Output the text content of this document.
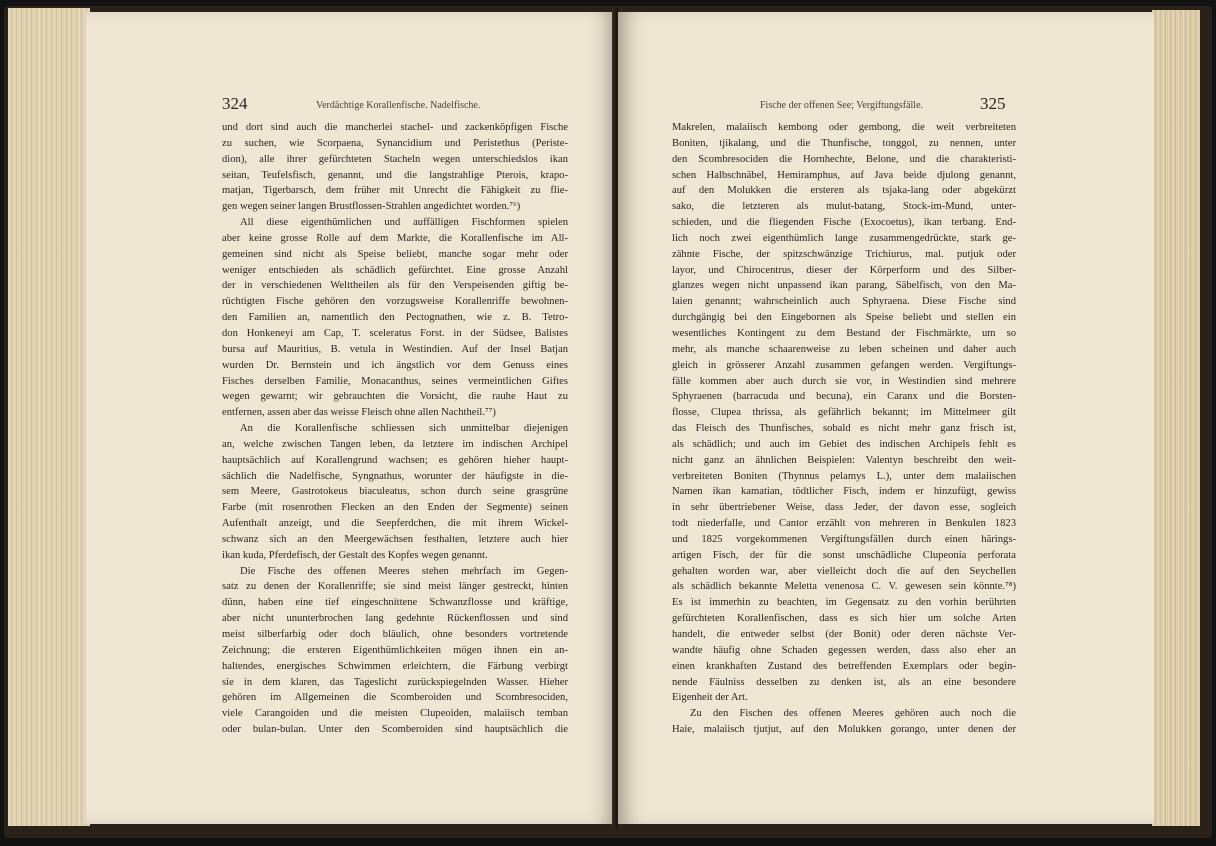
324	Verdächtige Korallenfische. Nadelfische.
und dort sind auch die mancherlei stachel- und zackenköpfigen Fische
zu suchen, wie Scorpaena, Synancidium und Peristethus (Periste-
dion), alle ihrer gefürchteten Stacheln wegen unterschiedslos ikan
seitan, Teufelsfisch, genannt, und die langstrahlige Pterois, krapo-
matjan, Tigerbarsch, dem früher mit Unrecht die Fähigkeit zu flie-
gen wegen seiner langen Brustflossen-Strahlen angedichtet worden.⁷⁶)
All diese eigenthümlichen und auffälligen Fischformen spielen
aber keine grosse Rolle auf dem Markte, die Korallenfische im All-
gemeinen sind nicht als Speise beliebt, manche sogar mehr oder
weniger entschieden als schädlich gefürchtet. Eine grosse Anzahl
der in verschiedenen Welttheilen als für den Verspeisenden giftig be-
rüchtigten Fische gehören den vorzugsweise Korallenriffe bewohnen-
den Familien an, namentlich den Pectognathen, wie z. B. Tetro-
don Honkeneyi am Cap, T. sceleratus Forst. in der Südsee, Balistes
bursa auf Mauritius, B. vetula in Westindien. Auf der Insel Batjan
wurden Dr. Bernstein und ich ängstlich vor dem Genuss eines
Fisches derselben Familie, Monacanthus, seines vermeintlichen Giftes
wegen gewarnt; wir gebrauchten die Vorsicht, die rauhe Haut zu
entfernen, assen aber das weisse Fleisch ohne allen Nachtheil.⁷⁷)
An die Korallenfische schliessen sich unmittelbar diejenigen
an, welche zwischen Tangen leben, da letztere im indischen Archipel
hauptsächlich auf Korallengrund wachsen; es gehören hieher haupt-
sächlich die Nadelfische, Syngnathus, worunter der häufigste in die-
sem Meere, Gastrotokeus biaculeatus, schon durch seine grasgrüne
Farbe (mit rosenrothen Flecken an den Enden der Segmente) seinen
Aufenthalt anzeigt, und die Seepferdchen, die mit ihrem Wickel-
schwanz sich an den Meergewächsen festhalten, letztere auch hier
ikan kuda, Pferdefisch, der Gestalt des Kopfes wegen genannt.
Die Fische des offenen Meeres stehen mehrfach im Gegen-
satz zu denen der Korallenriffe; sie sind meist länger gestreckt, hinten
dünn, haben eine tief eingeschnittene Schwanzflosse und kräftige,
aber nicht ununterbrochen lang gedehnte Rückenflossen und sind
meist silberfarbig oder doch bläulich, ohne besonders vortretende
Zeichnung; die ersteren Eigenthümlichkeiten mögen ihnen ein an-
haltendes, energisches Schwimmen erleichtern, die Färbung verbirgt
sie in dem klaren, das Tageslicht zurückspiegelnden Wasser. Hieher
gehören im Allgemeinen die Scomberoiden und Scombresociden,
viele Carangoiden und die meisten Clupeoiden, malaiisch temban
oder bulan-bulan. Unter den Scomberoiden sind hauptsächlich die
Fische der offenen See; Vergiftungsfälle.	325
Makrelen, malaiisch kembong oder gembong, die weit verbreiteten
Boniten, tjikalang, und die Thunfische, tonggol, zu nennen, unter
den Scombresociden die Hornhechte, Belone, und die charakteristi-
schen Halbschnäbel, Hemiramphus, auf Java beide djulong genannt,
auf den Molukken die ersteren als tsjaka-lang oder abgekürzt
sako, die letzteren als mulut-batang, Stock-im-Mund, unter-
schieden, und die fliegenden Fische (Exocoetus), ikan terbang. End-
lich noch zwei eigenthümlich lange zusammengedrückte, stark ge-
zähnte Fische, der spitzschwänzige Trichiurus, mal. putjuk oder
layor, und Chirocentrus, dieser der Körperform und des Silber-
glanzes wegen nicht unpassend ikan parang, Säbelfisch, von den Ma-
laien genannt; wahrscheinlich auch Sphyraena. Diese Fische sind
durchgängig bei den Eingebornen als Speise beliebt und stellen ein
wesentliches Kontingent zu dem Bestand der Fischmärkte, um so
mehr, als manche schaarenweise zu leben scheinen und daher auch
gleich in grösserer Anzahl zusammen gefangen werden. Vergiftungs-
fälle kommen aber auch durch sie vor, in Westindien sind mehrere
Sphyraenen (barracuda und becuna), ein Caranx und die Borsten-
flosse, Clupea thrissa, als gefährlich bekannt; im Mittelmeer gilt
das Fleisch des Thunfisches, sobald es nicht mehr ganz frisch ist,
als schädlich; und auch im Gebiet des indischen Archipels fehlt es
nicht ganz an ähnlichen Beispielen: Valentyn beschreibt den weit-
verbreiteten Boniten (Thynnus pelamys L.), unter dem malaiischen
Namen ikan kamatian, tödtlicher Fisch, indem er hinzufügt, gewiss
in sehr übertriebener Weise, dass Jeder, der davon esse, sogleich
todt niederfalle, und Cantor erzählt von mehreren in Benkulen 1823
und 1825 vorgekommenen Vergiftungsfällen durch einen härings-
artigen Fisch, der für die sonst unschädliche Clupeonia perforata
gehalten worden war, aber vielleicht doch die auf den Seychellen
als schädlich bekannte Meletta venenosa C. V. gewesen sein könnte.⁷⁸)
Es ist immerhin zu beachten, im Gegensatz zu den vorhin berührten
gefürchteten Korallenfischen, dass es sich hier um solche Arten
handelt, die entweder selbst (der Bonit) oder deren nächste Ver-
wandte häufig ohne Schaden gegessen werden, dass also eher an
einen krankhaften Zustand des betreffenden Exemplars oder begin-
nende Fäulniss desselben zu denken ist, als an eine besondere
Eigenheit der Art.
Zu den Fischen des offenen Meeres gehören auch noch die
Haie, malaiisch tjutjut, auf den Molukken gorango, unter denen der
